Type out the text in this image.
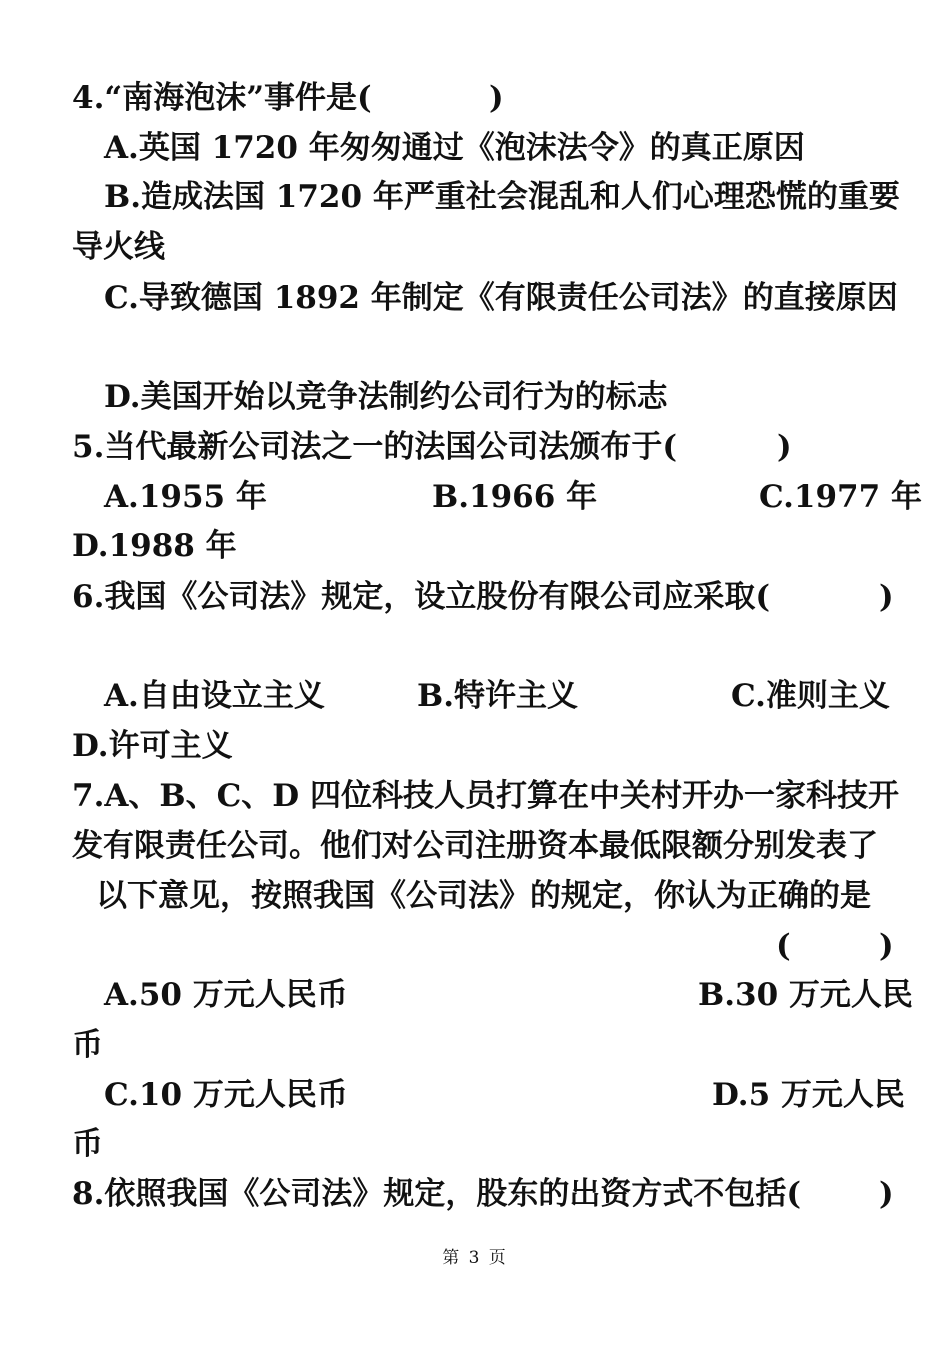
4.“南海泡沫”事件是(	)
A.英国 1720 年匆匆通过《泡沫法令》的真正原因
B.造成法国 1720 年严重社会混乱和人们心理恐慌的重要
导火线
C.导致德国 1892 年制定《有限责任公司法》的直接原因
D.美国开始以竞争法制约公司行为的标志
5.当代最新公司法之一的法国公司法颁布于(	)
A.1955 年	B.1966 年	C.1977 年
D.1988 年
6.我国《公司法》规定，设立股份有限公司应采取(	)
A.自由设立主义	B.特许主义	C.准则主义
D.许可主义
7.A、B、C、D 四位科技人员打算在中关村开办一家科技开
发有限责任公司。他们对公司注册资本最低限额分别发表了
以下意见，按照我国《公司法》的规定，你认为正确的是
(	)
A.50 万元人民币	B.30 万元人民
币
C.10 万元人民币	D.5 万元人民
币
8.依照我国《公司法》规定，股东的出资方式不包括(	)
第 3 页
